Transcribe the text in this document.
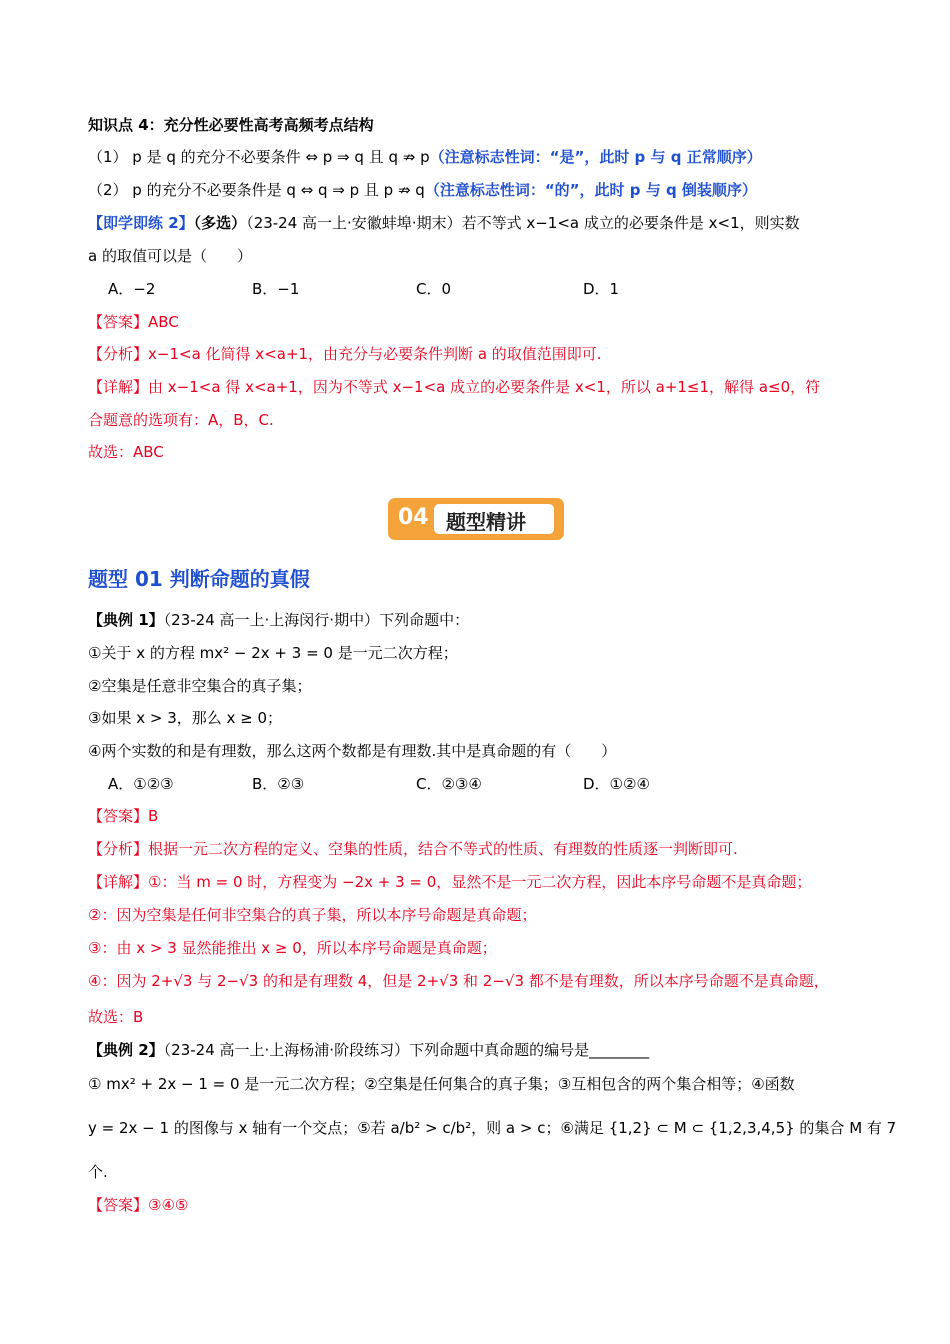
知识点 4：充分性必要性高考高频考点结构
（1） p 是 q 的充分不必要条件 ⇔ p ⇒ q 且 q ⇏ p（注意标志性词：“是”，此时 p 与 q 正常顺序）
（2） p 的充分不必要条件是 q ⇔ q ⇒ p 且 p ⇏ q（注意标志性词：“的”，此时 p 与 q 倒装顺序）
【即学即练 2】（多选）（23-24 高一上·安徽蚌埠·期末）若不等式 x−1<a 成立的必要条件是 x<1，则实数
a 的取值可以是（　　）
A．−2	B．−1	C．0	D．1
【答案】ABC
【分析】x−1<a 化简得 x<a+1，由充分与必要条件判断 a 的取值范围即可.
【详解】由 x−1<a 得 x<a+1，因为不等式 x−1<a 成立的必要条件是 x<1，所以 a+1≤1，解得 a≤0，符
合题意的选项有：A，B，C.
故选：ABC
04 题型精讲
题型 01 判断命题的真假
【典例 1】（23-24 高一上·上海闵行·期中）下列命题中：
①关于 x 的方程 mx² − 2x + 3 = 0 是一元二次方程；
②空集是任意非空集合的真子集；
③如果 x > 3，那么 x ≥ 0；
④两个实数的和是有理数，那么这两个数都是有理数.其中是真命题的有（　　）
A．①②③	B．②③	C．②③④	D．①②④
【答案】B
【分析】根据一元二次方程的定义、空集的性质，结合不等式的性质、有理数的性质逐一判断即可.
【详解】①：当 m = 0 时，方程变为 −2x + 3 = 0，显然不是一元二次方程，因此本序号命题不是真命题；
②：因为空集是任何非空集合的真子集，所以本序号命题是真命题；
③：由 x > 3 显然能推出 x ≥ 0，所以本序号命题是真命题；
④：因为 2+√3 与 2−√3 的和是有理数 4，但是 2+√3 和 2−√3 都不是有理数，所以本序号命题不是真命题，
故选：B
【典例 2】（23-24 高一上·上海杨浦·阶段练习）下列命题中真命题的编号是________
① mx² + 2x − 1 = 0 是一元二次方程；②空集是任何集合的真子集；③互相包含的两个集合相等；④函数
y = 2x − 1 的图像与 x 轴有一个交点；⑤若 a/b² > c/b²，则 a > c；⑥满足 {1,2} ⊂ M ⊂ {1,2,3,4,5} 的集合 M 有 7
个.
【答案】③④⑤
